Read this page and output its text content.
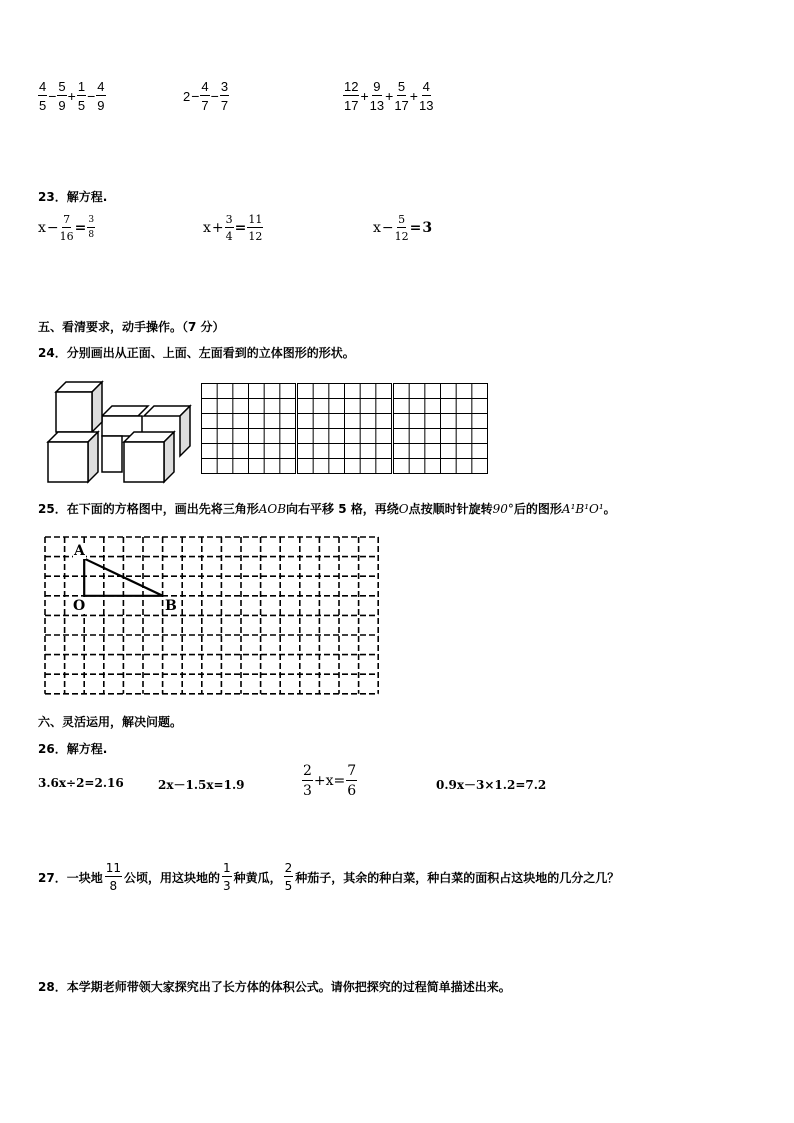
$\frac{4}{5} - \frac{5}{9} + \frac{1}{5} - \frac{4}{9}$	$2 - \frac{4}{7} - \frac{3}{7}$	$\frac{12}{17} + \frac{9}{13} + \frac{5}{17} + \frac{4}{13}$
23．解方程.
$x - \frac{7}{16} = \frac{3}{8}$	$x + \frac{3}{4} = \frac{11}{12}$	$x - \frac{5}{12} = 3$
五、看清要求，动手操作。（7 分）
24．分别画出从正面、上面、左面看到的立体图形的形状。
25．在下面的方格图中，画出先将三角形AOB向右平移 5 格，再绕O点按顺时针旋转90°后的图形A¹B¹O¹。
A
O	B
六、灵活运用，解决问题。
26．解方程.
3.6x÷2=2.16	2x－1.5x=1.9	$\frac{2}{3} +x= \frac{7}{6}$	0.9x－3×1.2=7.2
27．一块地 $\frac{11}{8}$ 公顷，用这块地的 $\frac{1}{3}$ 种黄瓜， $\frac{2}{5}$ 种茄子，其余的种白菜，种白菜的面积占这块地的几分之几？
28．本学期老师带领大家探究出了长方体的体积公式。请你把探究的过程简单描述出来。
